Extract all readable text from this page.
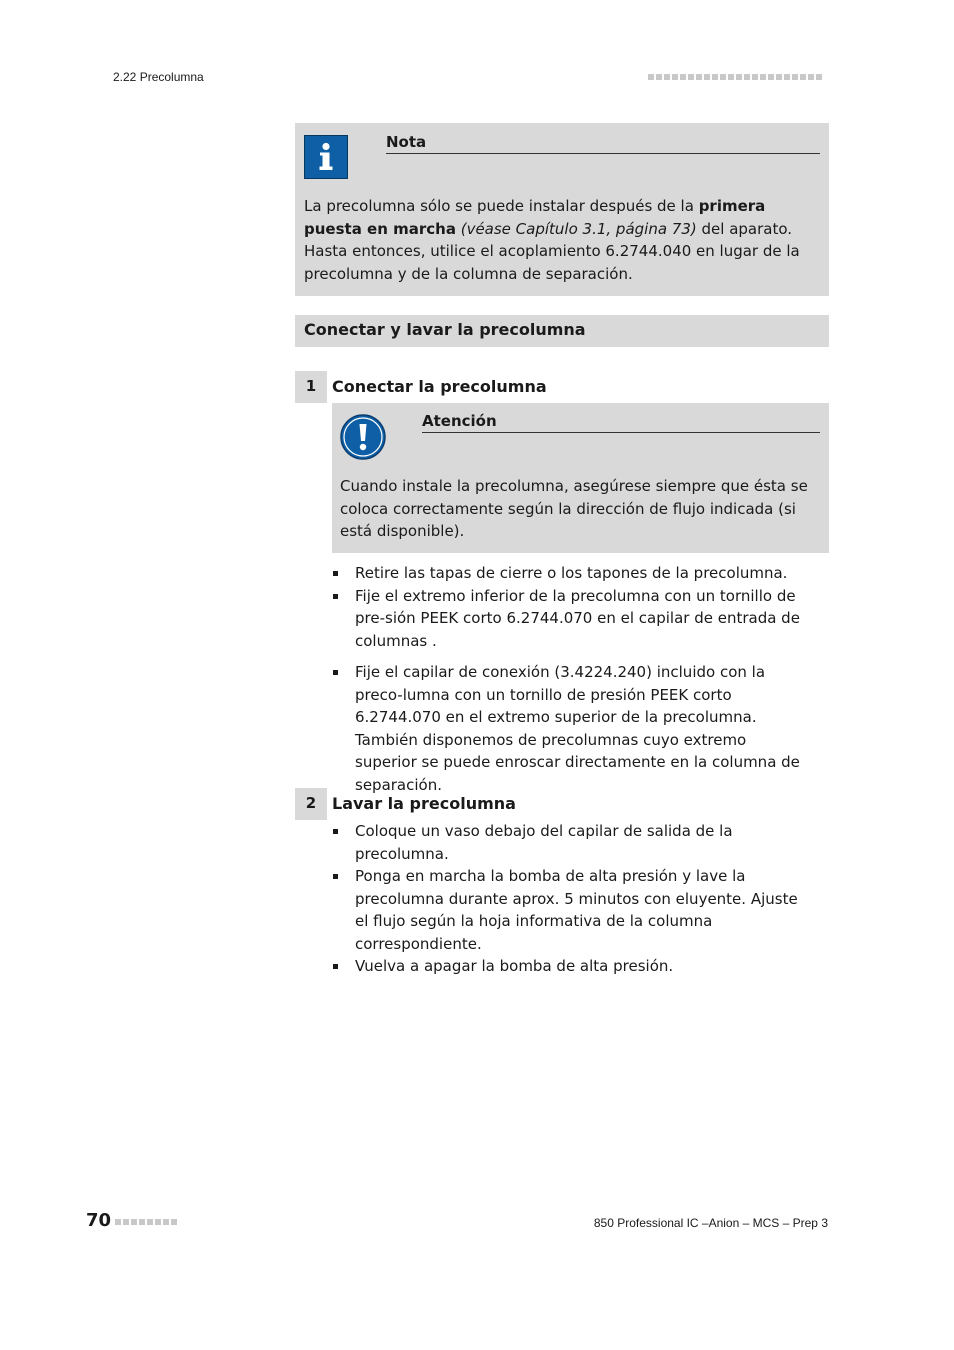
2.22 Precolumna
Nota
La precolumna sólo se puede instalar después de la primera puesta en marcha (véase Capítulo 3.1, página 73) del aparato. Hasta entonces, utilice el acoplamiento 6.2744.040 en lugar de la precolumna y de la columna de separación.
Conectar y lavar la precolumna
1 Conectar la precolumna
Atención
Cuando instale la precolumna, asegúrese siempre que ésta se coloca correctamente según la dirección de flujo indicada (si está disponible).
Retire las tapas de cierre o los tapones de la precolumna.
Fije el extremo inferior de la precolumna con un tornillo de pre-sión PEEK corto 6.2744.070 en el capilar de entrada de columnas .
Fije el capilar de conexión (3.4224.240) incluido con la preco-lumna con un tornillo de presión PEEK corto 6.2744.070 en el extremo superior de la precolumna.
También disponemos de precolumnas cuyo extremo superior se puede enroscar directamente en la columna de separación.
2 Lavar la precolumna
Coloque un vaso debajo del capilar de salida de la precolumna.
Ponga en marcha la bomba de alta presión y lave la precolumna durante aprox. 5 minutos con eluyente. Ajuste el flujo según la hoja informativa de la columna correspondiente.
Vuelva a apagar la bomba de alta presión.
70	850 Professional IC –Anion – MCS – Prep 3
